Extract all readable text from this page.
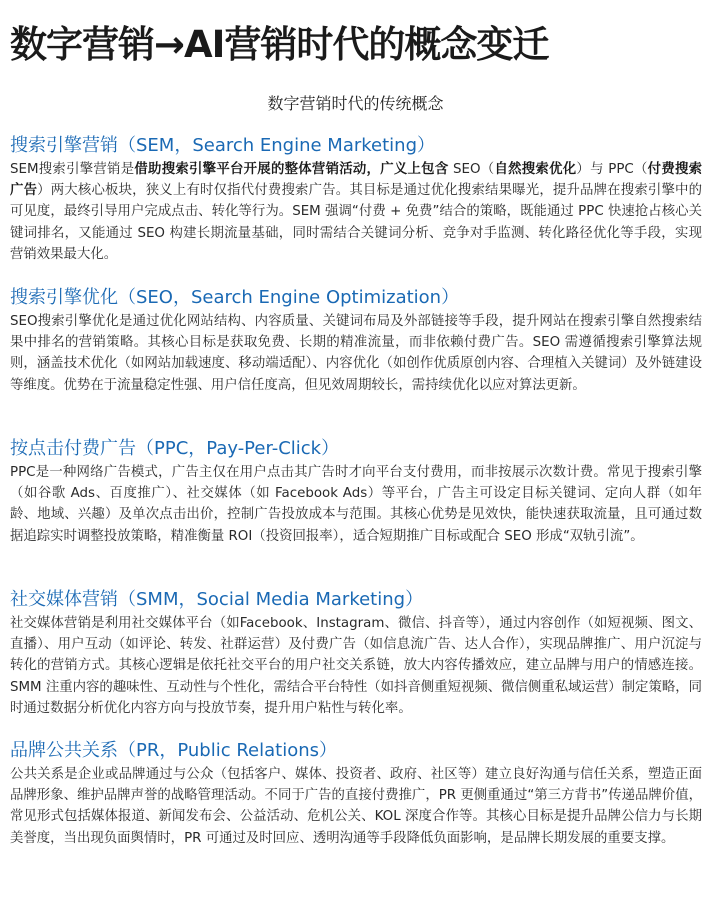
数字营销→AI营销时代的概念变迁
数字营销时代的传统概念
搜索引擎营销（SEM，Search Engine Marketing）

SEM搜索引擎营销是借助搜索引擎平台开展的整体营销活动，广义上包含 SEO（自然搜索优化）与 PPC（付费搜索广告）两大核心板块，狭义上有时仅指代付费搜索广告。其目标是通过优化搜索结果曝光，提升品牌在搜索引擎中的可见度，最终引导用户完成点击、转化等行为。SEM 强调“付费 + 免费”结合的策略，既能通过 PPC 快速抢占核心关键词排名，又能通过 SEO 构建长期流量基础，同时需结合关键词分析、竞争对手监测、转化路径优化等手段，实现营销效果最大化。

搜索引擎优化（SEO，Search Engine Optimization）

SEO搜索引擎优化是通过优化网站结构、内容质量、关键词布局及外部链接等手段，提升网站在搜索引擎自然搜索结果中排名的营销策略。其核心目标是获取免费、长期的精准流量，而非依赖付费广告。SEO 需遵循搜索引擎算法规则，涵盖技术优化（如网站加载速度、移动端适配）、内容优化（如创作优质原创内容、合理植入关键词）及外链建设等维度。优势在于流量稳定性强、用户信任度高，但见效周期较长，需持续优化以应对算法更新。

按点击付费广告（PPC，Pay-Per-Click）

PPC是一种网络广告模式，广告主仅在用户点击其广告时才向平台支付费用，而非按展示次数计费。常见于搜索引擎（如谷歌 Ads、百度推广）、社交媒体（如 Facebook Ads）等平台，广告主可设定目标关键词、定向人群（如年龄、地域、兴趣）及单次点击出价，控制广告投放成本与范围。其核心优势是见效快，能快速获取流量，且可通过数据追踪实时调整投放策略，精准衡量 ROI（投资回报率），适合短期推广目标或配合 SEO 形成“双轨引流”。

社交媒体营销（SMM，Social Media Marketing）

社交媒体营销是利用社交媒体平台（如Facebook、Instagram、微信、抖音等），通过内容创作（如短视频、图文、直播）、用户互动（如评论、转发、社群运营）及付费广告（如信息流广告、达人合作），实现品牌推广、用户沉淀与转化的营销方式。其核心逻辑是依托社交平台的用户社交关系链，放大内容传播效应，建立品牌与用户的情感连接。SMM 注重内容的趣味性、互动性与个性化，需结合平台特性（如抖音侧重短视频、微信侧重私域运营）制定策略，同时通过数据分析优化内容方向与投放节奏，提升用户粘性与转化率。

品牌公共关系（PR，Public Relations）

公共关系是企业或品牌通过与公众（包括客户、媒体、投资者、政府、社区等）建立良好沟通与信任关系，塑造正面品牌形象、维护品牌声誉的战略管理活动。不同于广告的直接付费推广，PR 更侧重通过“第三方背书”传递品牌价值，常见形式包括媒体报道、新闻发布会、公益活动、危机公关、KOL 深度合作等。其核心目标是提升品牌公信力与长期美誉度，当出现负面舆情时，PR 可通过及时回应、透明沟通等手段降低负面影响，是品牌长期发展的重要支撑。
